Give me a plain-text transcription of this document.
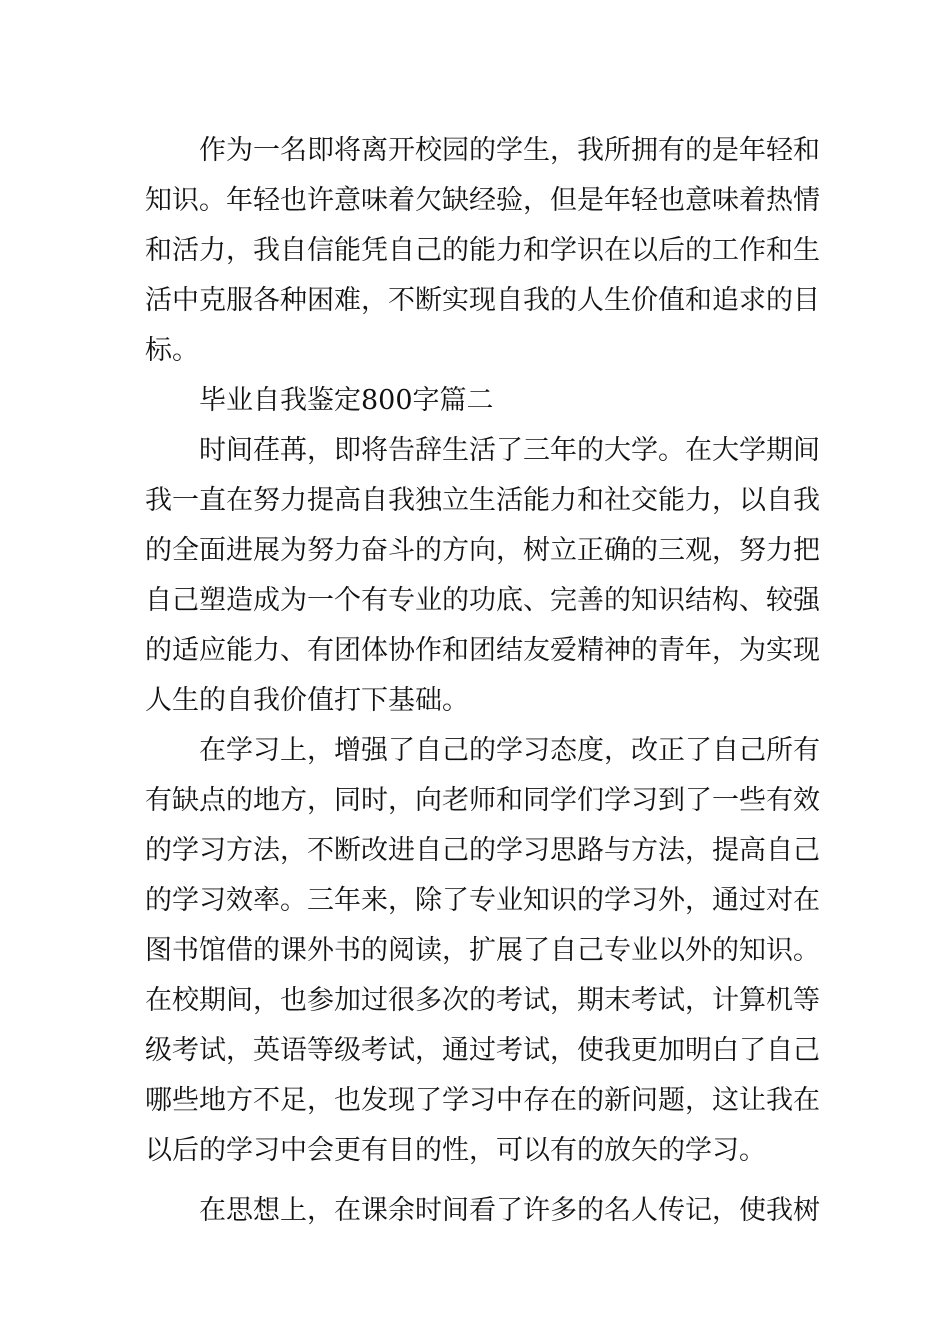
作为一名即将离开校园的学生，我所拥有的是年轻和

知识。年轻也许意味着欠缺经验，但是年轻也意味着热情

和活力，我自信能凭自己的能力和学识在以后的工作和生

活中克服各种困难，不断实现自我的人生价值和追求的目

标。

毕业自我鉴定800字篇二

时间荏苒，即将告辞生活了三年的大学。在大学期间

我一直在努力提高自我独立生活能力和社交能力，以自我

的全面进展为努力奋斗的方向，树立正确的三观，努力把

自己塑造成为一个有专业的功底、完善的知识结构、较强

的适应能力、有团体协作和团结友爱精神的青年，为实现

人生的自我价值打下基础。

在学习上，增强了自己的学习态度，改正了自己所有

有缺点的地方，同时，向老师和同学们学习到了一些有效

的学习方法，不断改进自己的学习思路与方法，提高自己

的学习效率。三年来，除了专业知识的学习外，通过对在

图书馆借的课外书的阅读，扩展了自己专业以外的知识。

在校期间，也参加过很多次的考试，期末考试，计算机等

级考试，英语等级考试，通过考试，使我更加明白了自己

哪些地方不足，也发现了学习中存在的新问题，这让我在

以后的学习中会更有目的性，可以有的放矢的学习。

在思想上，在课余时间看了许多的名人传记，使我树
